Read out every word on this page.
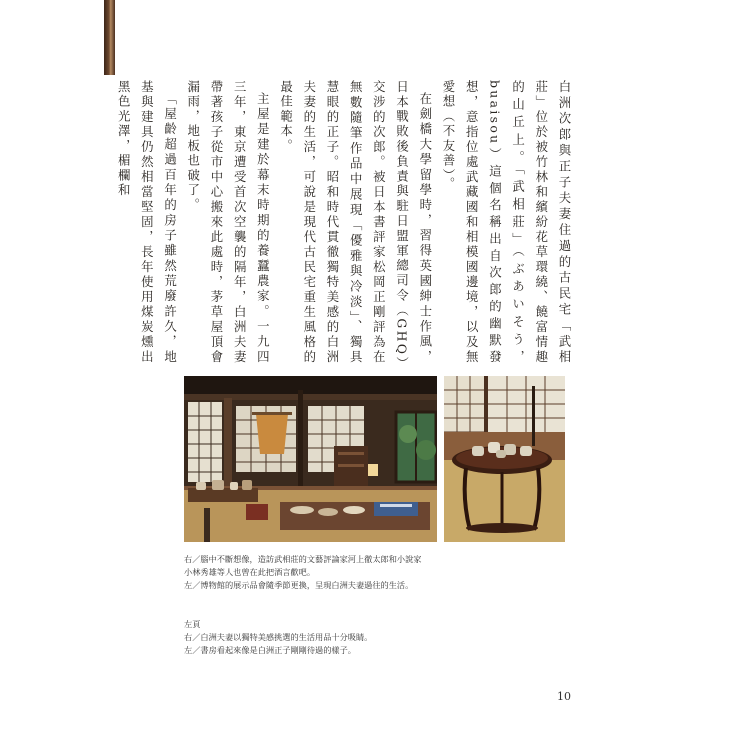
白洲次郎與正子夫妻住過的古民宅「武相莊」位於被竹林和繽紛花草環繞、饒富情趣的山丘上。「武相莊」（ぶあいそう，buaisou）這個名稱出自次郎的幽默發想，意指位處武藏國和相模國邊境，以及無愛想（不友善）。

在劍橋大學留學時，習得英國紳士作風，日本戰敗後負責與駐日盟軍總司令（GHQ）交涉的次郎。被日本書評家松岡正剛評為在無數隨筆作品中展現「優雅與冷淡」、獨具慧眼的正子。昭和時代貫徹獨特美感的白洲夫妻的生活，可說是現代古民宅重生風格的最佳範本。

主屋是建於幕末時期的養蠶農家。一九四三年，東京遭受首次空襲的隔年，白洲夫妻帶著孩子從市中心搬來此處時，茅草屋頂會漏雨，地板也破了。

「屋齡超過百年的房子雖然荒廢許久，地基與建具仍然相當堅固，長年使用煤炭燻出黑色光澤，楣欄和

右／腦中不斷想像，造訪武相莊的文藝評論家河上徹太郎和小說家
小林秀雄等人也曾在此把酒言歡吧。
左／博物館的展示品會隨季節更換，呈現白洲夫妻過往的生活。
左頁
右／白洲夫妻以獨特美感挑選的生活用品十分吸睛。
左／書房看起來像是白洲正子剛剛待過的樣子。
10
